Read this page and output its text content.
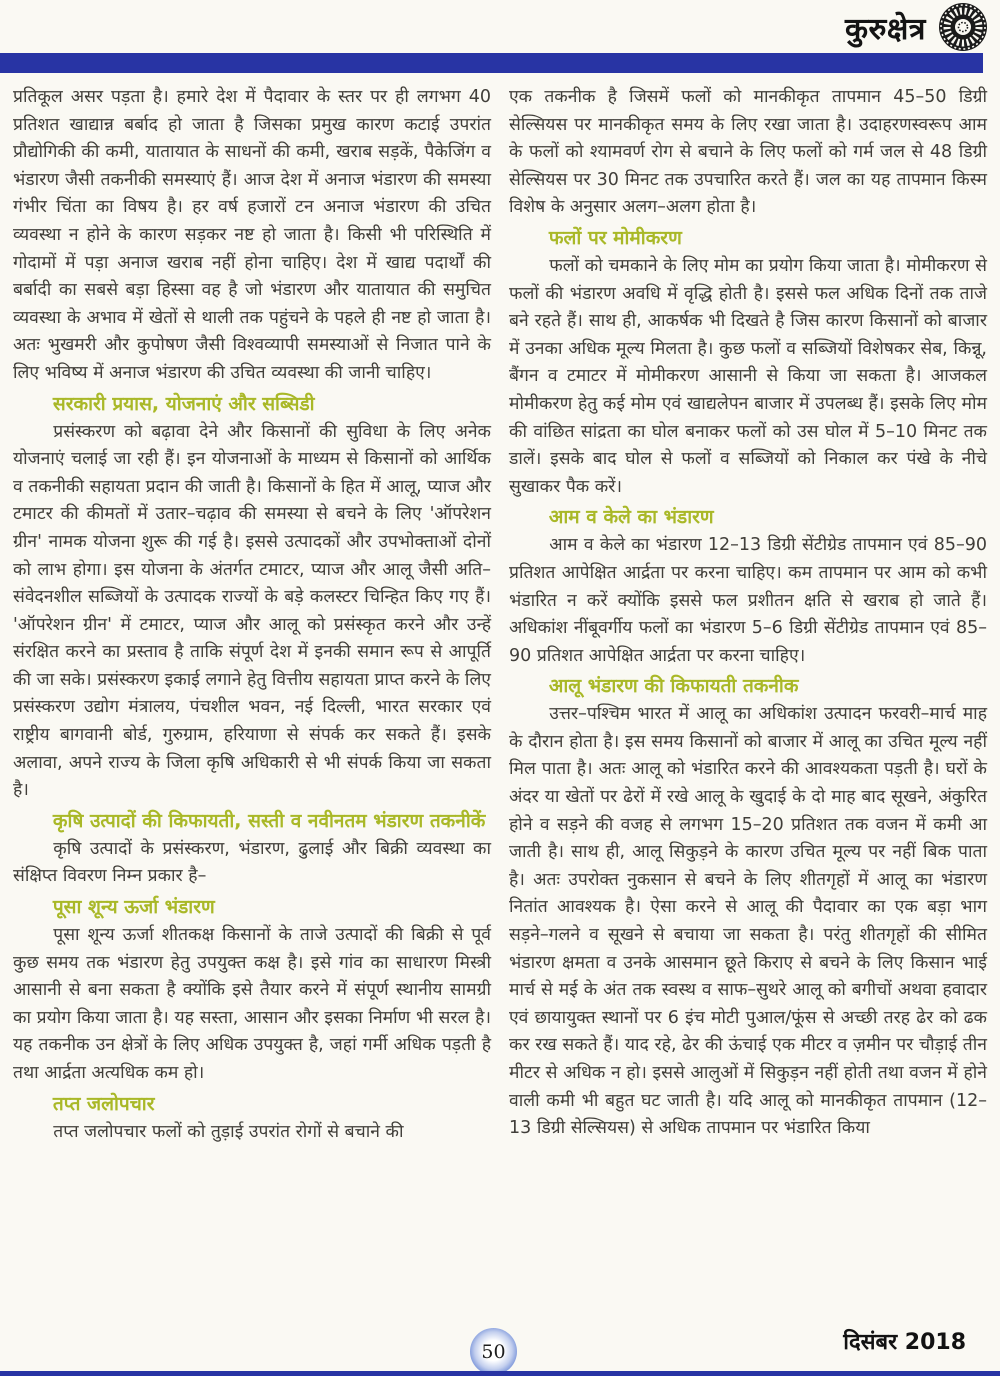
कुरुक्षेत्र

प्रतिकूल असर पड़ता है। हमारे देश में पैदावार के स्तर पर ही लगभग 40 प्रतिशत खाद्यान्न बर्बाद हो जाता है जिसका प्रमुख कारण कटाई उपरांत प्रौद्योगिकी की कमी, यातायात के साधनों की कमी, खराब सड़कें, पैकेजिंग व भंडारण जैसी तकनीकी समस्याएं हैं। आज देश में अनाज भंडारण की समस्या गंभीर चिंता का विषय है। हर वर्ष हजारों टन अनाज भंडारण की उचित व्यवस्था न होने के कारण सड़कर नष्ट हो जाता है। किसी भी परिस्थिति में गोदामों में पड़ा अनाज खराब नहीं होना चाहिए। देश में खाद्य पदार्थों की बर्बादी का सबसे बड़ा हिस्सा वह है जो भंडारण और यातायात की समुचित व्यवस्था के अभाव में खेतों से थाली तक पहुंचने के पहले ही नष्ट हो जाता है। अतः भुखमरी और कुपोषण जैसी विश्वव्यापी समस्याओं से निजात पाने के लिए भविष्य में अनाज भंडारण की उचित व्यवस्था की जानी चाहिए।

सरकारी प्रयास, योजनाएं और सब्सिडी

प्रसंस्करण को बढ़ावा देने और किसानों की सुविधा के लिए अनेक योजनाएं चलाई जा रही हैं। इन योजनाओं के माध्यम से किसानों को आर्थिक व तकनीकी सहायता प्रदान की जाती है। किसानों के हित में आलू, प्याज और टमाटर की कीमतों में उतार–चढ़ाव की समस्या से बचने के लिए 'ऑपरेशन ग्रीन' नामक योजना शुरू की गई है। इससे उत्पादकों और उपभोक्ताओं दोनों को लाभ होगा। इस योजना के अंतर्गत टमाटर, प्याज और आलू जैसी अति–संवेदनशील सब्जियों के उत्पादक राज्यों के बड़े कलस्टर चिन्हित किए गए हैं। 'ऑपरेशन ग्रीन' में टमाटर, प्याज और आलू को प्रसंस्कृत करने और उन्हें संरक्षित करने का प्रस्ताव है ताकि संपूर्ण देश में इनकी समान रूप से आपूर्ति की जा सके। प्रसंस्करण इकाई लगाने हेतु वित्तीय सहायता प्राप्त करने के लिए प्रसंस्करण उद्योग मंत्रालय, पंचशील भवन, नई दिल्ली, भारत सरकार एवं राष्ट्रीय बागवानी बोर्ड, गुरुग्राम, हरियाणा से संपर्क कर सकते हैं। इसके अलावा, अपने राज्य के जिला कृषि अधिकारी से भी संपर्क किया जा सकता है।

कृषि उत्पादों की किफायती, सस्ती व नवीनतम भंडारण तकनीकें

कृषि उत्पादों के प्रसंस्करण, भंडारण, ढुलाई और बिक्री व्यवस्था का संक्षिप्त विवरण निम्न प्रकार है–

पूसा शून्य ऊर्जा भंडारण

पूसा शून्य ऊर्जा शीतकक्ष किसानों के ताजे उत्पादों की बिक्री से पूर्व कुछ समय तक भंडारण हेतु उपयुक्त कक्ष है। इसे गांव का साधारण मिस्त्री आसानी से बना सकता है क्योंकि इसे तैयार करने में संपूर्ण स्थानीय सामग्री का प्रयोग किया जाता है। यह सस्ता, आसान और इसका निर्माण भी सरल है। यह तकनीक उन क्षेत्रों के लिए अधिक उपयुक्त है, जहां गर्मी अधिक पड़ती है तथा आर्द्रता अत्यधिक कम हो।

तप्त जलोपचार

तप्त जलोपचार फलों को तुड़ाई उपरांत रोगों से बचाने की

एक तकनीक है जिसमें फलों को मानकीकृत तापमान 45–50 डिग्री सेल्सियस पर मानकीकृत समय के लिए रखा जाता है। उदाहरणस्वरूप आम के फलों को श्यामवर्ण रोग से बचाने के लिए फलों को गर्म जल से 48 डिग्री सेल्सियस पर 30 मिनट तक उपचारित करते हैं। जल का यह तापमान किस्म विशेष के अनुसार अलग–अलग होता है।

फलों पर मोमीकरण

फलों को चमकाने के लिए मोम का प्रयोग किया जाता है। मोमीकरण से फलों की भंडारण अवधि में वृद्धि होती है। इससे फल अधिक दिनों तक ताजे बने रहते हैं। साथ ही, आकर्षक भी दिखते है जिस कारण किसानों को बाजार में उनका अधिक मूल्य मिलता है। कुछ फलों व सब्जियों विशेषकर सेब, किन्नू, बैंगन व टमाटर में मोमीकरण आसानी से किया जा सकता है। आजकल मोमीकरण हेतु कई मोम एवं खाद्यलेपन बाजार में उपलब्ध हैं। इसके लिए मोम की वांछित सांद्रता का घोल बनाकर फलों को उस घोल में 5–10 मिनट तक डालें। इसके बाद घोल से फलों व सब्जियों को निकाल कर पंखे के नीचे सुखाकर पैक करें।

आम व केले का भंडारण

आम व केले का भंडारण 12–13 डिग्री सेंटीग्रेड तापमान एवं 85–90 प्रतिशत आपेक्षित आर्द्रता पर करना चाहिए। कम तापमान पर आम को कभी भंडारित न करें क्योंकि इससे फल प्रशीतन क्षति से खराब हो जाते हैं। अधिकांश नींबूवर्गीय फलों का भंडारण 5–6 डिग्री सेंटीग्रेड तापमान एवं 85–90 प्रतिशत आपेक्षित आर्द्रता पर करना चाहिए।

आलू भंडारण की किफायती तकनीक

उत्तर–पश्चिम भारत में आलू का अधिकांश उत्पादन फरवरी–मार्च माह के दौरान होता है। इस समय किसानों को बाजार में आलू का उचित मूल्य नहीं मिल पाता है। अतः आलू को भंडारित करने की आवश्यकता पड़ती है। घरों के अंदर या खेतों पर ढेरों में रखे आलू के खुदाई के दो माह बाद सूखने, अंकुरित होने व सड़ने की वजह से लगभग 15–20 प्रतिशत तक वजन में कमी आ जाती है। साथ ही, आलू सिकुड़ने के कारण उचित मूल्य पर नहीं बिक पाता है। अतः उपरोक्त नुकसान से बचने के लिए शीतगृहों में आलू का भंडारण नितांत आवश्यक है। ऐसा करने से आलू की पैदावार का एक बड़ा भाग सड़ने–गलने व सूखने से बचाया जा सकता है। परंतु शीतगृहों की सीमित भंडारण क्षमता व उनके आसमान छूते किराए से बचने के लिए किसान भाई मार्च से मई के अंत तक स्वस्थ व साफ–सुथरे आलू को बगीचों अथवा हवादार एवं छायायुक्त स्थानों पर 6 इंच मोटी पुआल/फूंस से अच्छी तरह ढेर को ढक कर रख सकते हैं। याद रहे, ढेर की ऊंचाई एक मीटर व ज़मीन पर चौड़ाई तीन मीटर से अधिक न हो। इससे आलुओं में सिकुड़न नहीं होती तथा वजन में होने वाली कमी भी बहुत घट जाती है। यदि आलू को मानकीकृत तापमान (12–13 डिग्री सेल्सियस) से अधिक तापमान पर भंडारित किया

50	दिसंबर 2018
